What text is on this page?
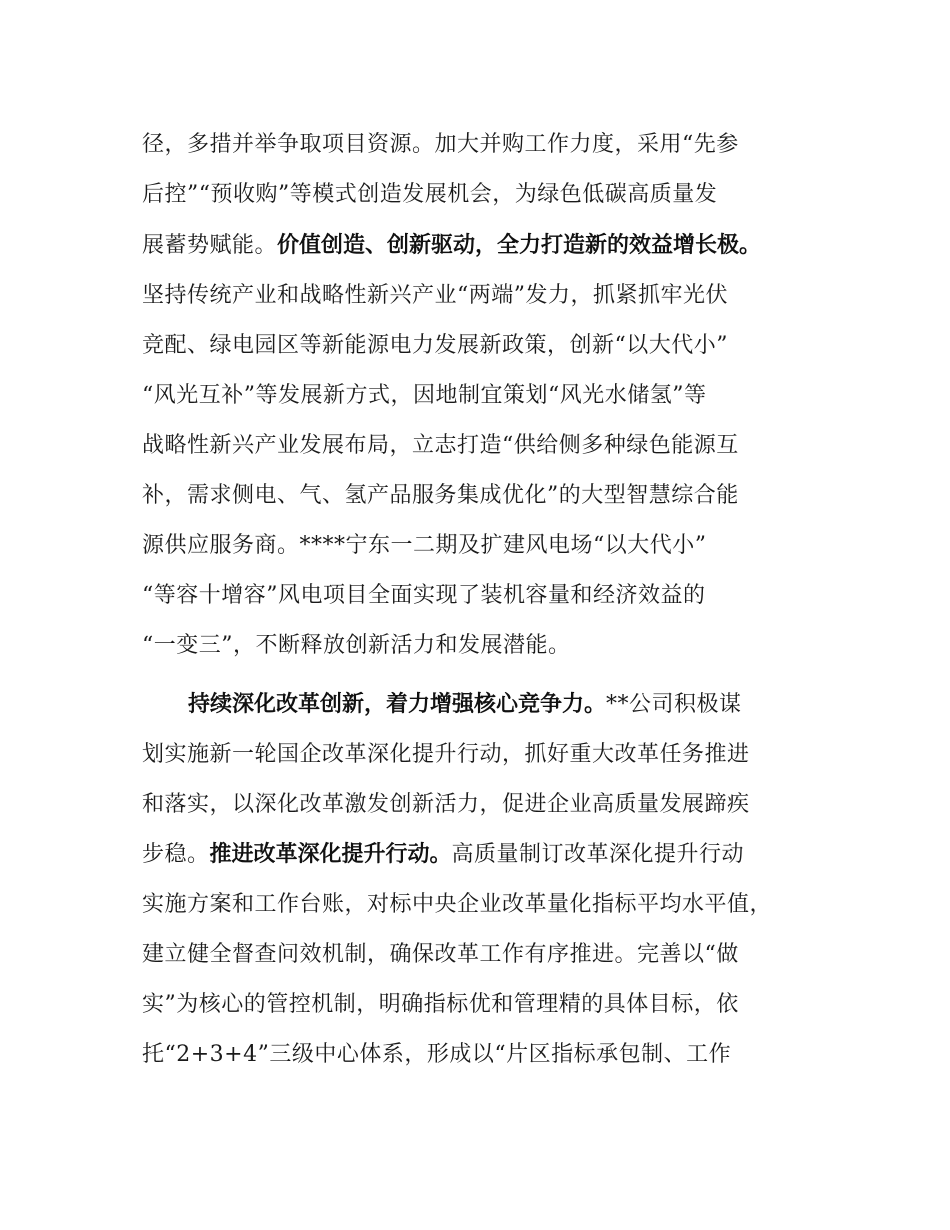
径，多措并举争取项目资源。加大并购工作力度，采用“先参
后控”“预收购”等模式创造发展机会，为绿色低碳高质量发
展蓄势赋能。价值创造、创新驱动，全力打造新的效益增长极。
坚持传统产业和战略性新兴产业“两端”发力，抓紧抓牢光伏
竞配、绿电园区等新能源电力发展新政策，创新“以大代小”
“风光互补”等发展新方式，因地制宜策划“风光水储氢”等
战略性新兴产业发展布局，立志打造“供给侧多种绿色能源互
补，需求侧电、气、氢产品服务集成优化”的大型智慧综合能
源供应服务商。****宁东一二期及扩建风电场“以大代小”
“等容十增容”风电项目全面实现了装机容量和经济效益的
“一变三”，不断释放创新活力和发展潜能。
持续深化改革创新，着力增强核心竞争力。**公司积极谋
划实施新一轮国企改革深化提升行动，抓好重大改革任务推进
和落实，以深化改革激发创新活力，促进企业高质量发展蹄疾
步稳。推进改革深化提升行动。高质量制订改革深化提升行动
实施方案和工作台账，对标中央企业改革量化指标平均水平值，
建立健全督查问效机制，确保改革工作有序推进。完善以“做
实”为核心的管控机制，明确指标优和管理精的具体目标，依
托“2+3+4”三级中心体系，形成以“片区指标承包制、工作
